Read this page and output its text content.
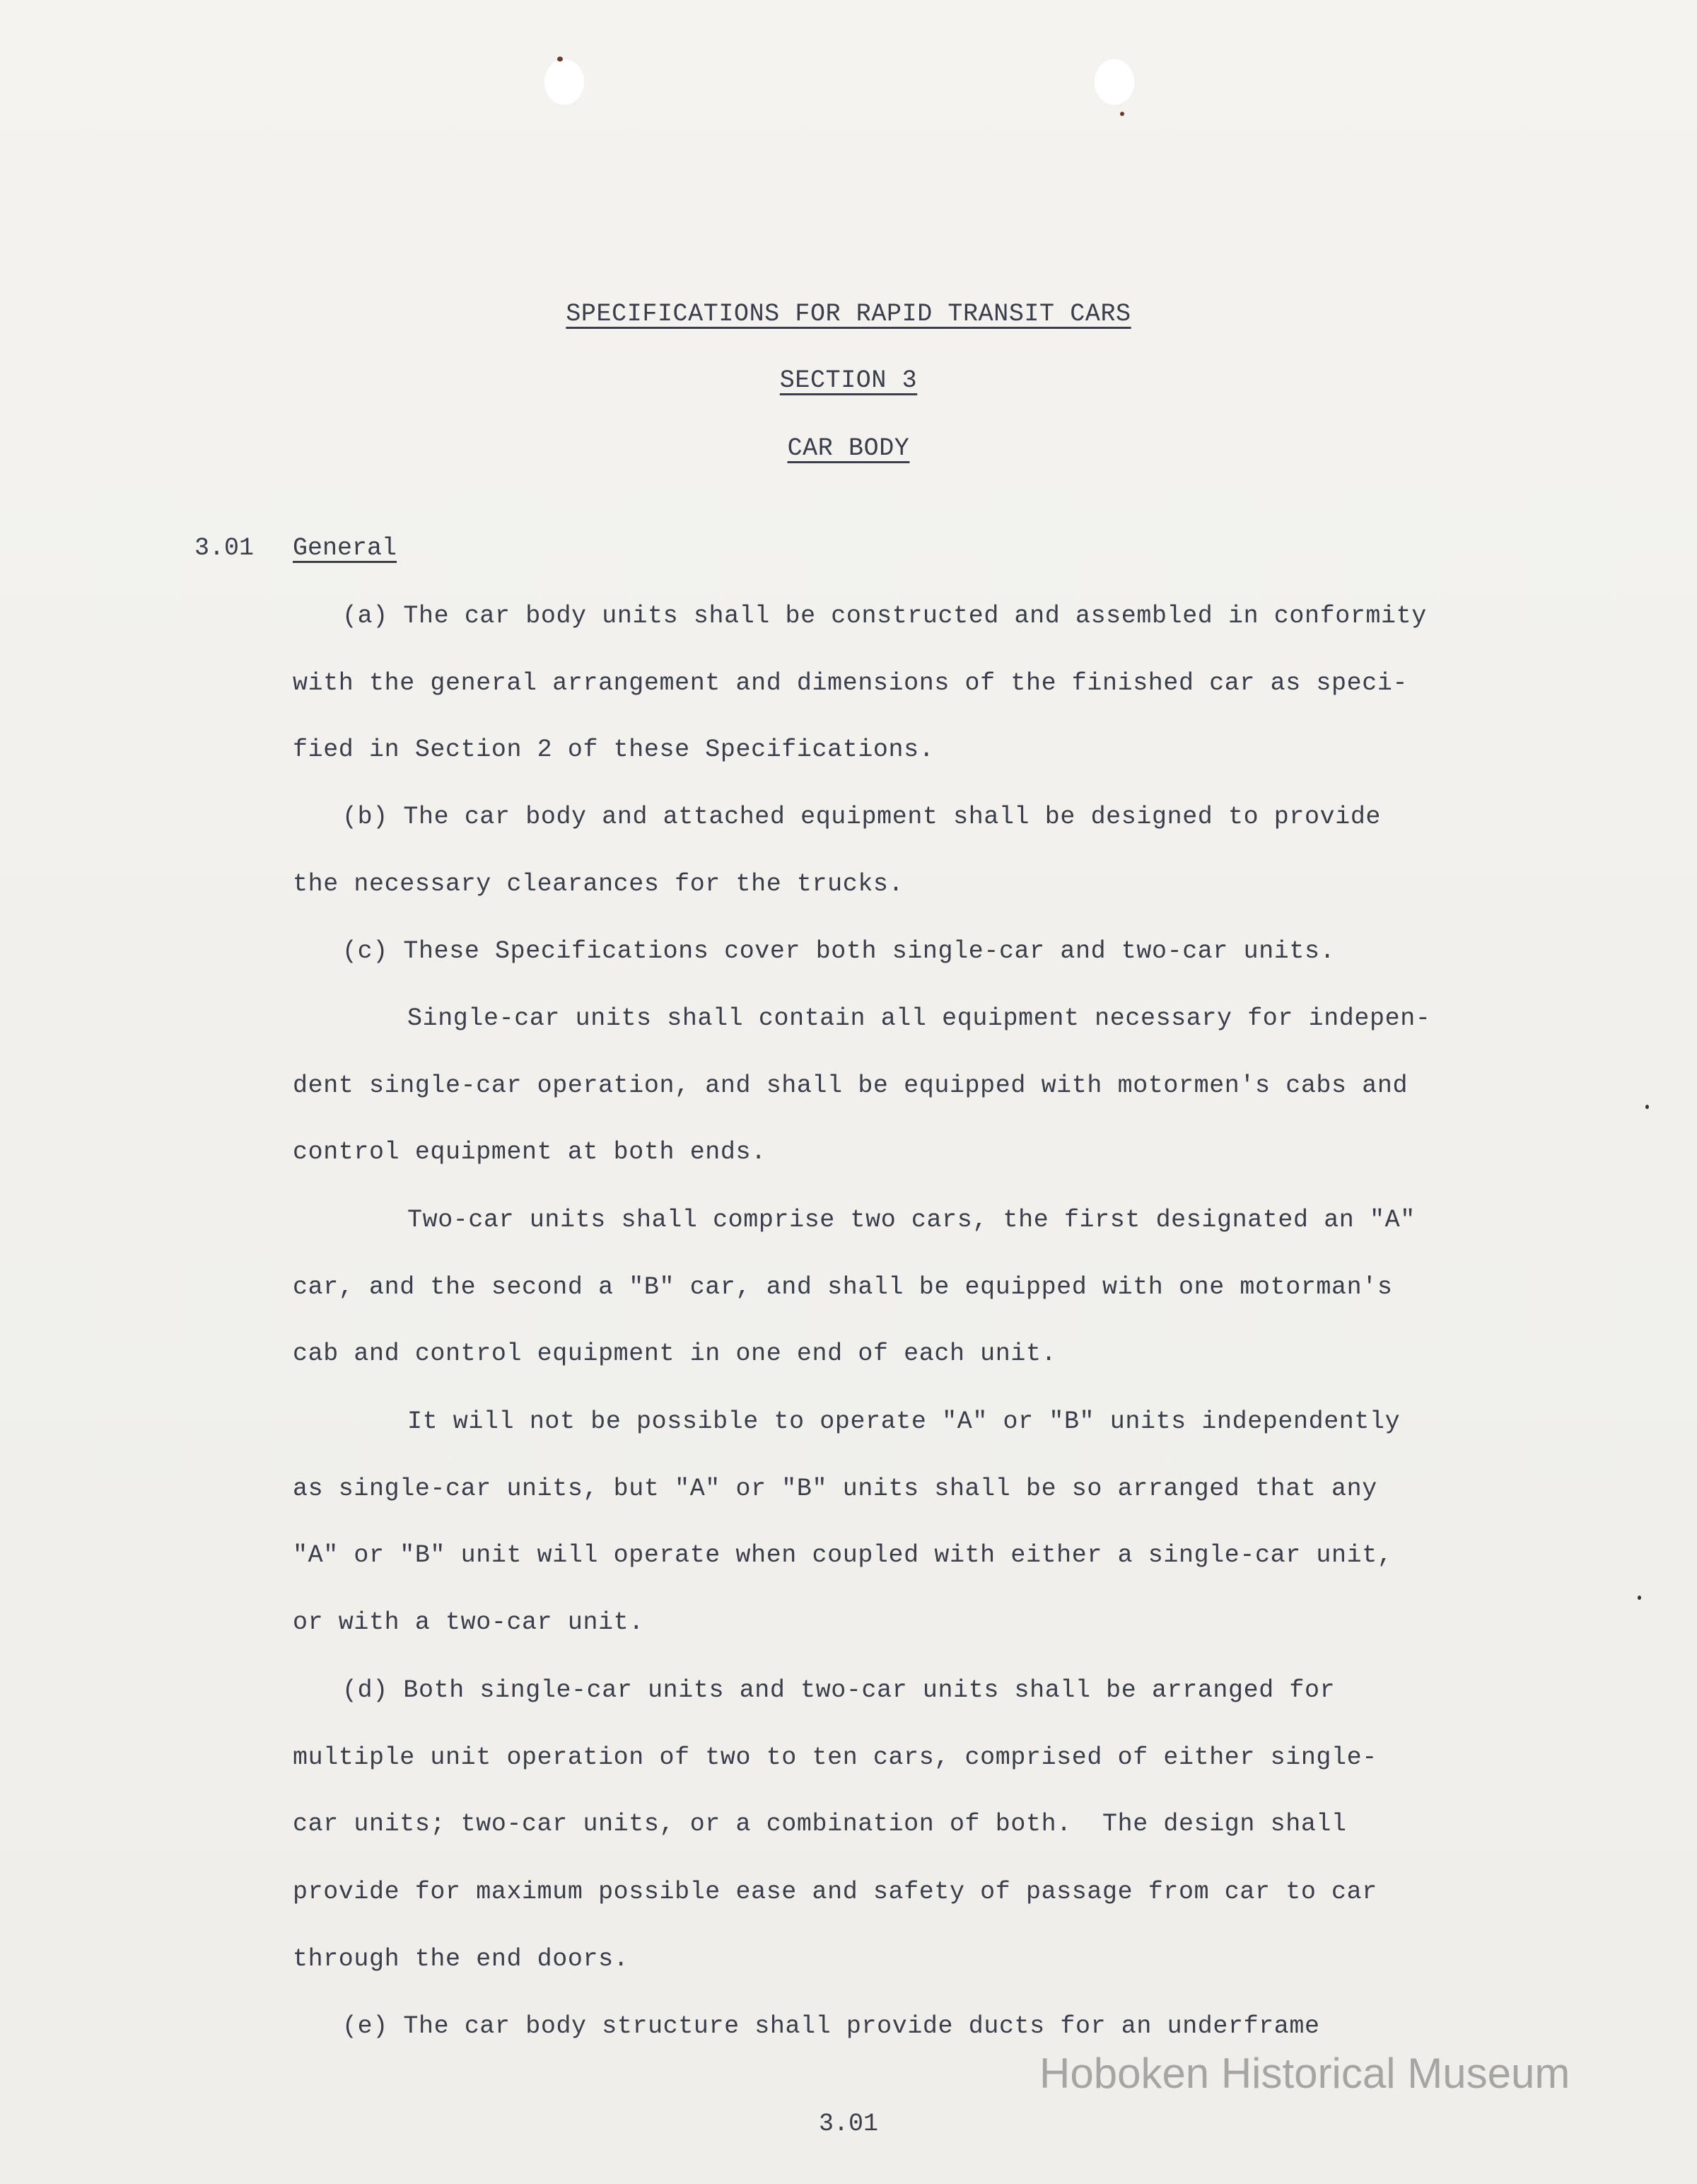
SPECIFICATIONS FOR RAPID TRANSIT CARS
SECTION 3
CAR BODY
3.01 General
(a) The car body units shall be constructed and assembled in conformity
with the general arrangement and dimensions of the finished car as speci-
fied in Section 2 of these Specifications.
(b) The car body and attached equipment shall be designed to provide
the necessary clearances for the trucks.
(c) These Specifications cover both single-car and two-car units.
Single-car units shall contain all equipment necessary for indepen-
dent single-car operation, and shall be equipped with motormen's cabs and
control equipment at both ends.
Two-car units shall comprise two cars, the first designated an "A"
car, and the second a "B" car, and shall be equipped with one motorman's
cab and control equipment in one end of each unit.
It will not be possible to operate "A" or "B" units independently
as single-car units, but "A" or "B" units shall be so arranged that any
"A" or "B" unit will operate when coupled with either a single-car unit,
or with a two-car unit.
(d) Both single-car units and two-car units shall be arranged for
multiple unit operation of two to ten cars, comprised of either single-
car units; two-car units, or a combination of both.  The design shall
provide for maximum possible ease and safety of passage from car to car
through the end doors.
(e) The car body structure shall provide ducts for an underframe
Hoboken Historical Museum
3.01
